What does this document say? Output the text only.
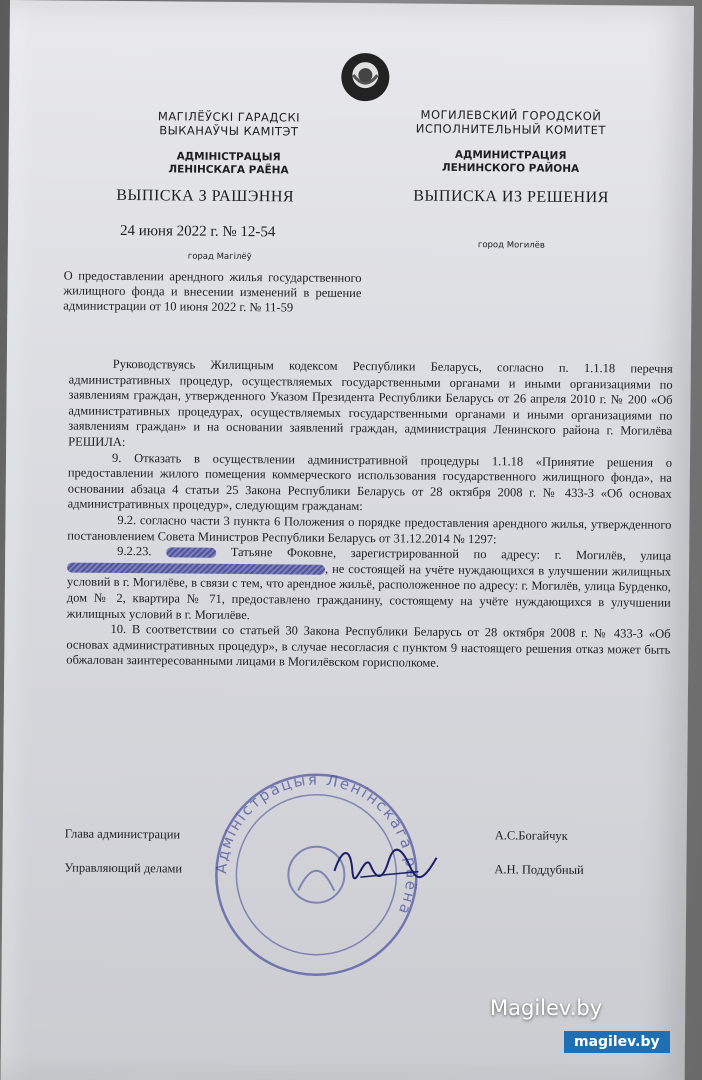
МАГІЛЁЎСКІ ГАРАДСКІ
ВЫКАНАЎЧЫ КАМІТЭТ
АДМІНІСТРАЦЫЯ
ЛЕНІНСКАГА РАЁНА
МОГИЛЕВСКИЙ ГОРОДСКОЙ
ИСПОЛНИТЕЛЬНЫЙ КОМИТЕТ
АДМИНИСТРАЦИЯ
ЛЕНИНСКОГО РАЙОНА
ВЫПІСКА З РАШЭННЯ	ВЫПИСКА ИЗ РЕШЕНИЯ
24 июня 2022 г. № 12-54
горад Магілёў
город Могилёв
О предоставлении арендного жилья государственного жилищного фонда и внесении изменений в решение администрации от 10 июня 2022 г. № 11-59

Руководствуясь Жилищным кодексом Республики Беларусь, согласно п. 1.1.18 перечня административных процедур, осуществляемых государственными органами и иными организациями по заявлениям граждан, утвержденного Указом Президента Республики Беларусь от 26 апреля 2010 г. № 200 «Об административных процедурах, осуществляемых государственными органами и иными организациями по заявлениям граждан» и на основании заявлений граждан, администрация Ленинского района г. Могилёва РЕШИЛА:

9. Отказать в осуществлении административной процедуры 1.1.18 «Принятие решения о предоставлении жилого помещения коммерческого использования государственного жилищного фонда», на основании абзаца 4 статьи 25 Закона Республики Беларусь от 28 октября 2008 г. № 433-З «Об основах административных процедур», следующим гражданам:

9.2. согласно части 3 пункта 6 Положения о порядке предоставления арендного жилья, утвержденного постановлением Совета Министров Республики Беларусь от 31.12.2014 № 1297:

9.2.23.	Татьяне Фоковне, зарегистрированной по адресу: г. Могилёв, улица , не состоящей на учёте нуждающихся в улучшении жилищных условий в г. Могилёве, в связи с тем, что арендное жильё, расположенное по адресу: г. Могилёв, улица Бурденко, дом № 2, квартира № 71, предоставлено гражданину, состоящему на учёте нуждающихся в улучшении жилищных условий в г. Могилёве.

10. В соответствии со статьей 30 Закона Республики Беларусь от 28 октября 2008 г. № 433-З «Об основах административных процедур», в случае несогласия с пунктом 9 настоящего решения отказ может быть обжалован заинтересованными лицами в Могилёвском горисполкоме.

Глава администрации	А.С.Богайчук
Управляющий делами	А.Н. Поддубный
Адміністрацыя Ленінскага раёна
Magilev.by
magilev.by
